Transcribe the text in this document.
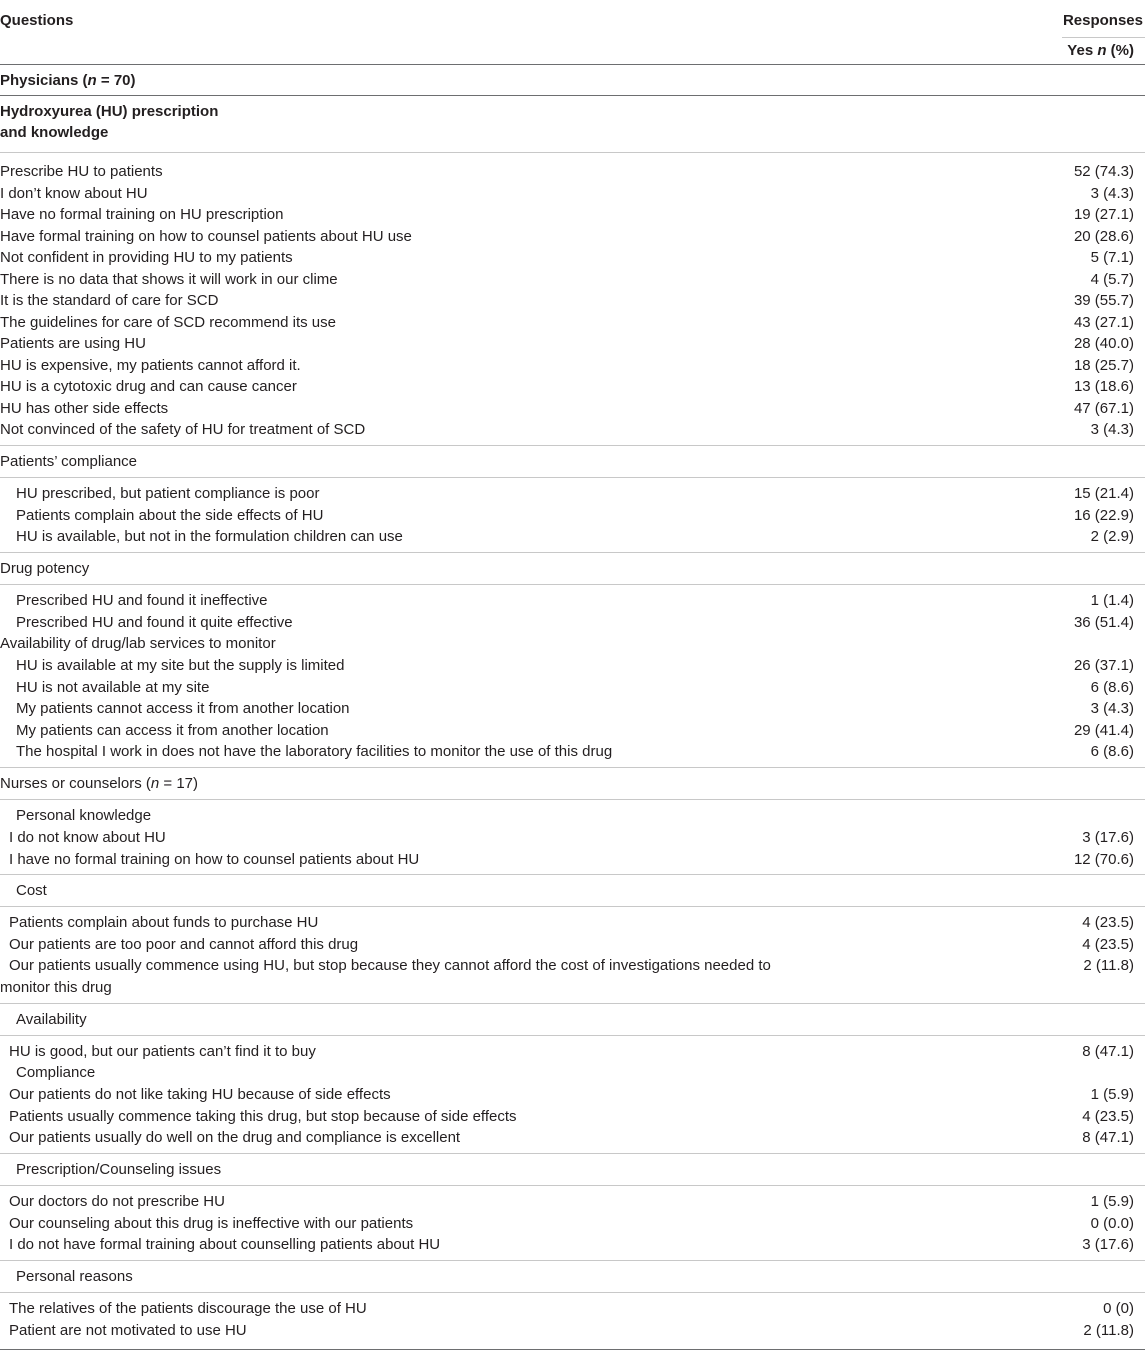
Questions	Responses
Yes n (%)
Physicians (n = 70)
Hydroxyurea (HU) prescription
and knowledge
Prescribe HU to patients	52 (74.3)
I don’t know about HU	3 (4.3)
Have no formal training on HU prescription	19 (27.1)
Have formal training on how to counsel patients about HU use	20 (28.6)
Not confident in providing HU to my patients	5 (7.1)
There is no data that shows it will work in our clime	4 (5.7)
It is the standard of care for SCD	39 (55.7)
The guidelines for care of SCD recommend its use	43 (27.1)
Patients are using HU	28 (40.0)
HU is expensive, my patients cannot afford it.	18 (25.7)
HU is a cytotoxic drug and can cause cancer	13 (18.6)
HU has other side effects	47 (67.1)
Not convinced of the safety of HU for treatment of SCD	3 (4.3)
Patients’ compliance
HU prescribed, but patient compliance is poor	15 (21.4)
Patients complain about the side effects of HU	16 (22.9)
HU is available, but not in the formulation children can use	2 (2.9)
Drug potency
Prescribed HU and found it ineffective	1 (1.4)
Prescribed HU and found it quite effective	36 (51.4)
Availability of drug/lab services to monitor
HU is available at my site but the supply is limited	26 (37.1)
HU is not available at my site	6 (8.6)
My patients cannot access it from another location	3 (4.3)
My patients can access it from another location	29 (41.4)
The hospital I work in does not have the laboratory facilities to monitor the use of this drug	6 (8.6)
Nurses or counselors (n = 17)
Personal knowledge
I do not know about HU	3 (17.6)
I have no formal training on how to counsel patients about HU	12 (70.6)
Cost
Patients complain about funds to purchase HU	4 (23.5)
Our patients are too poor and cannot afford this drug	4 (23.5)
Our patients usually commence using HU, but stop because they cannot afford the cost of investigations needed to	2 (11.8)
monitor this drug
Availability
HU is good, but our patients can’t find it to buy	8 (47.1)
Compliance
Our patients do not like taking HU because of side effects	1 (5.9)
Patients usually commence taking this drug, but stop because of side effects	4 (23.5)
Our patients usually do well on the drug and compliance is excellent	8 (47.1)
Prescription/Counseling issues
Our doctors do not prescribe HU	1 (5.9)
Our counseling about this drug is ineffective with our patients	0 (0.0)
I do not have formal training about counselling patients about HU	3 (17.6)
Personal reasons
The relatives of the patients discourage the use of HU	0 (0)
Patient are not motivated to use HU	2 (11.8)
